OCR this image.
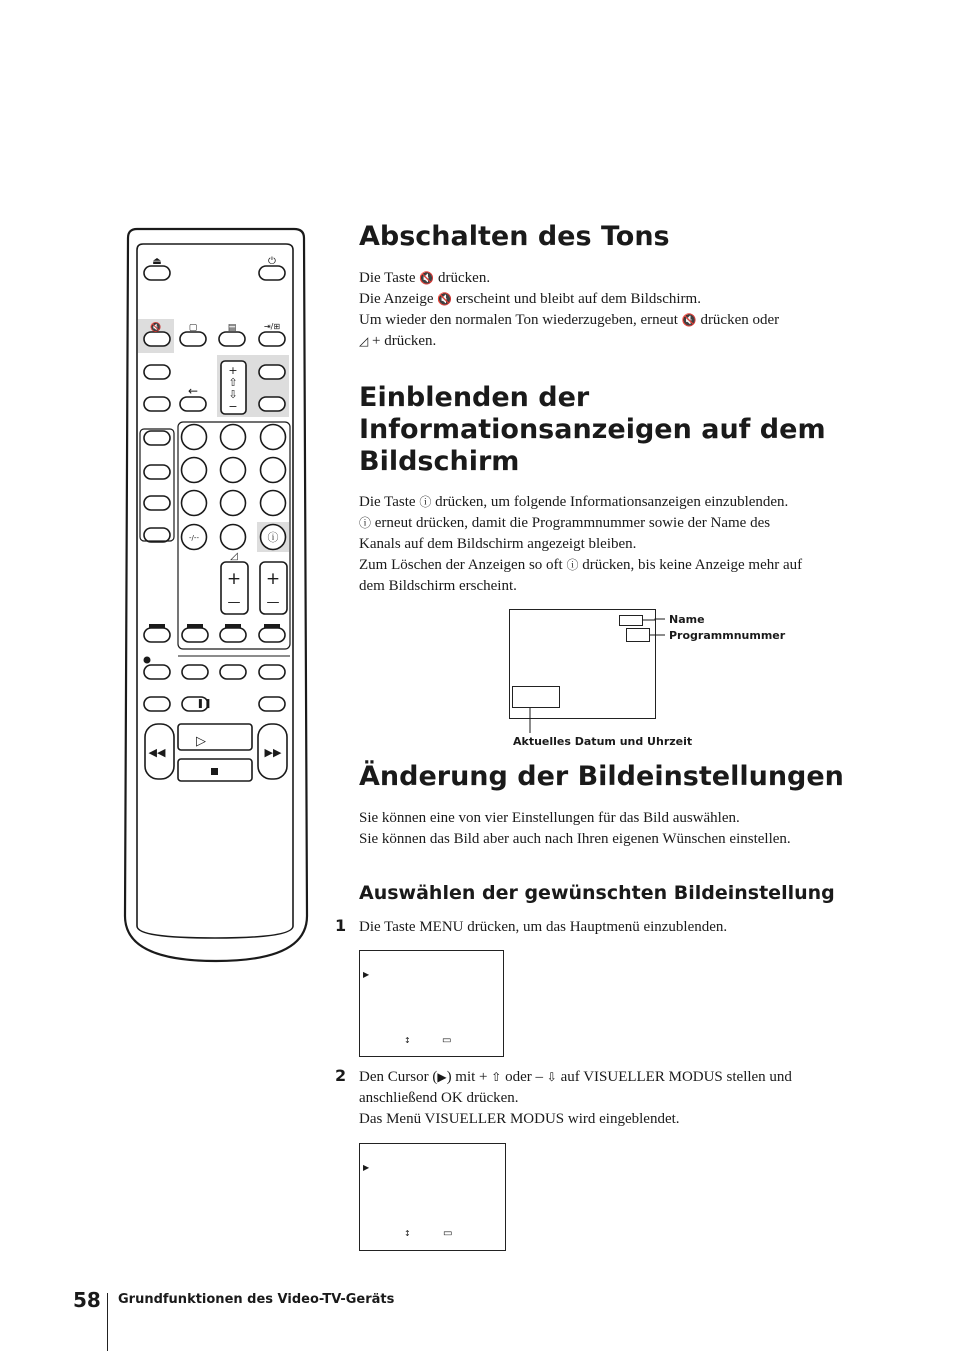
⏏	⏻
🔇	▢	▤	⇥/⊞
←
+
⇧
⇩
−
-/--	ⓘ
◿
+
—
+
—
▷
❚❚
◀◀	▶▶
Abschalten des Tons
Die Taste 🔇 drücken.
Die Anzeige 🔇 erscheint und bleibt auf dem Bildschirm.
Um wieder den normalen Ton wiederzugeben, erneut 🔇 drücken oder
◿ + drücken.
Einblenden der
Informationsanzeigen auf dem
Bildschirm
Die Taste ⓘ drücken, um folgende Informationsanzeigen einzublenden.
ⓘ erneut drücken, damit die Programmnummer sowie der Name des
Kanals auf dem Bildschirm angezeigt bleiben.
Zum Löschen der Anzeigen so oft ⓘ drücken, bis keine Anzeige mehr auf
dem Bildschirm erscheint.
Name
Programmnummer
Aktuelles Datum und Uhrzeit
Änderung der Bildeinstellungen
Sie können eine von vier Einstellungen für das Bild auswählen.
Sie können das Bild aber auch nach Ihren eigenen Wünschen einstellen.
Auswählen der gewünschten Bildeinstellung
1 Die Taste MENU drücken, um das Hauptmenü einzublenden.
▶
↕	▭
2 Den Cursor (▶) mit + ⇧ oder – ⇩ auf VISUELLER MODUS stellen und
anschließend OK drücken.
Das Menü VISUELLER MODUS wird eingeblendet.
▶
↕	▭
58 Grundfunktionen des Video-TV-Geräts
